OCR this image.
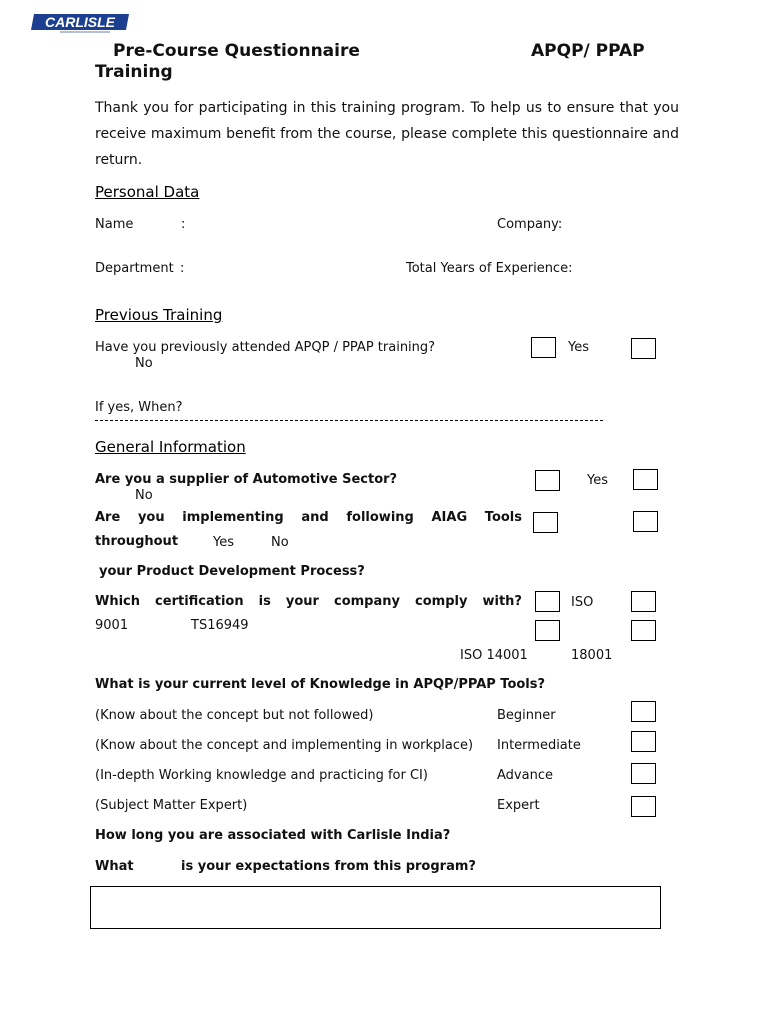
CARLISLE
Pre-Course Questionnaire	APQP/ PPAP
Training
Thank you for participating in this training program. To help us to ensure that you receive maximum benefit from the course, please complete this questionnaire and return.
Personal Data
Name	:	Company:
Department :	Total Years of Experience:
Previous Training
Have you previously attended APQP / PPAP training?	Yes
No
If yes, When?
General Information
Are you a supplier of Automotive Sector?	Yes
No
Are you implementing and following AIAG Tools
throughout	Yes	No
your Product Development Process?
Which certification is your company comply with?	ISO
9001	TS16949
ISO 14001	18001
What is your current level of Knowledge in APQP/PPAP Tools?
(Know about the concept but not followed)	Beginner
(Know about the concept and implementing in workplace) Intermediate
(In-depth Working knowledge and practicing for CI)	Advance
(Subject Matter Expert)	Expert
How long you are associated with Carlisle India?
What	is your expectations from this program?
